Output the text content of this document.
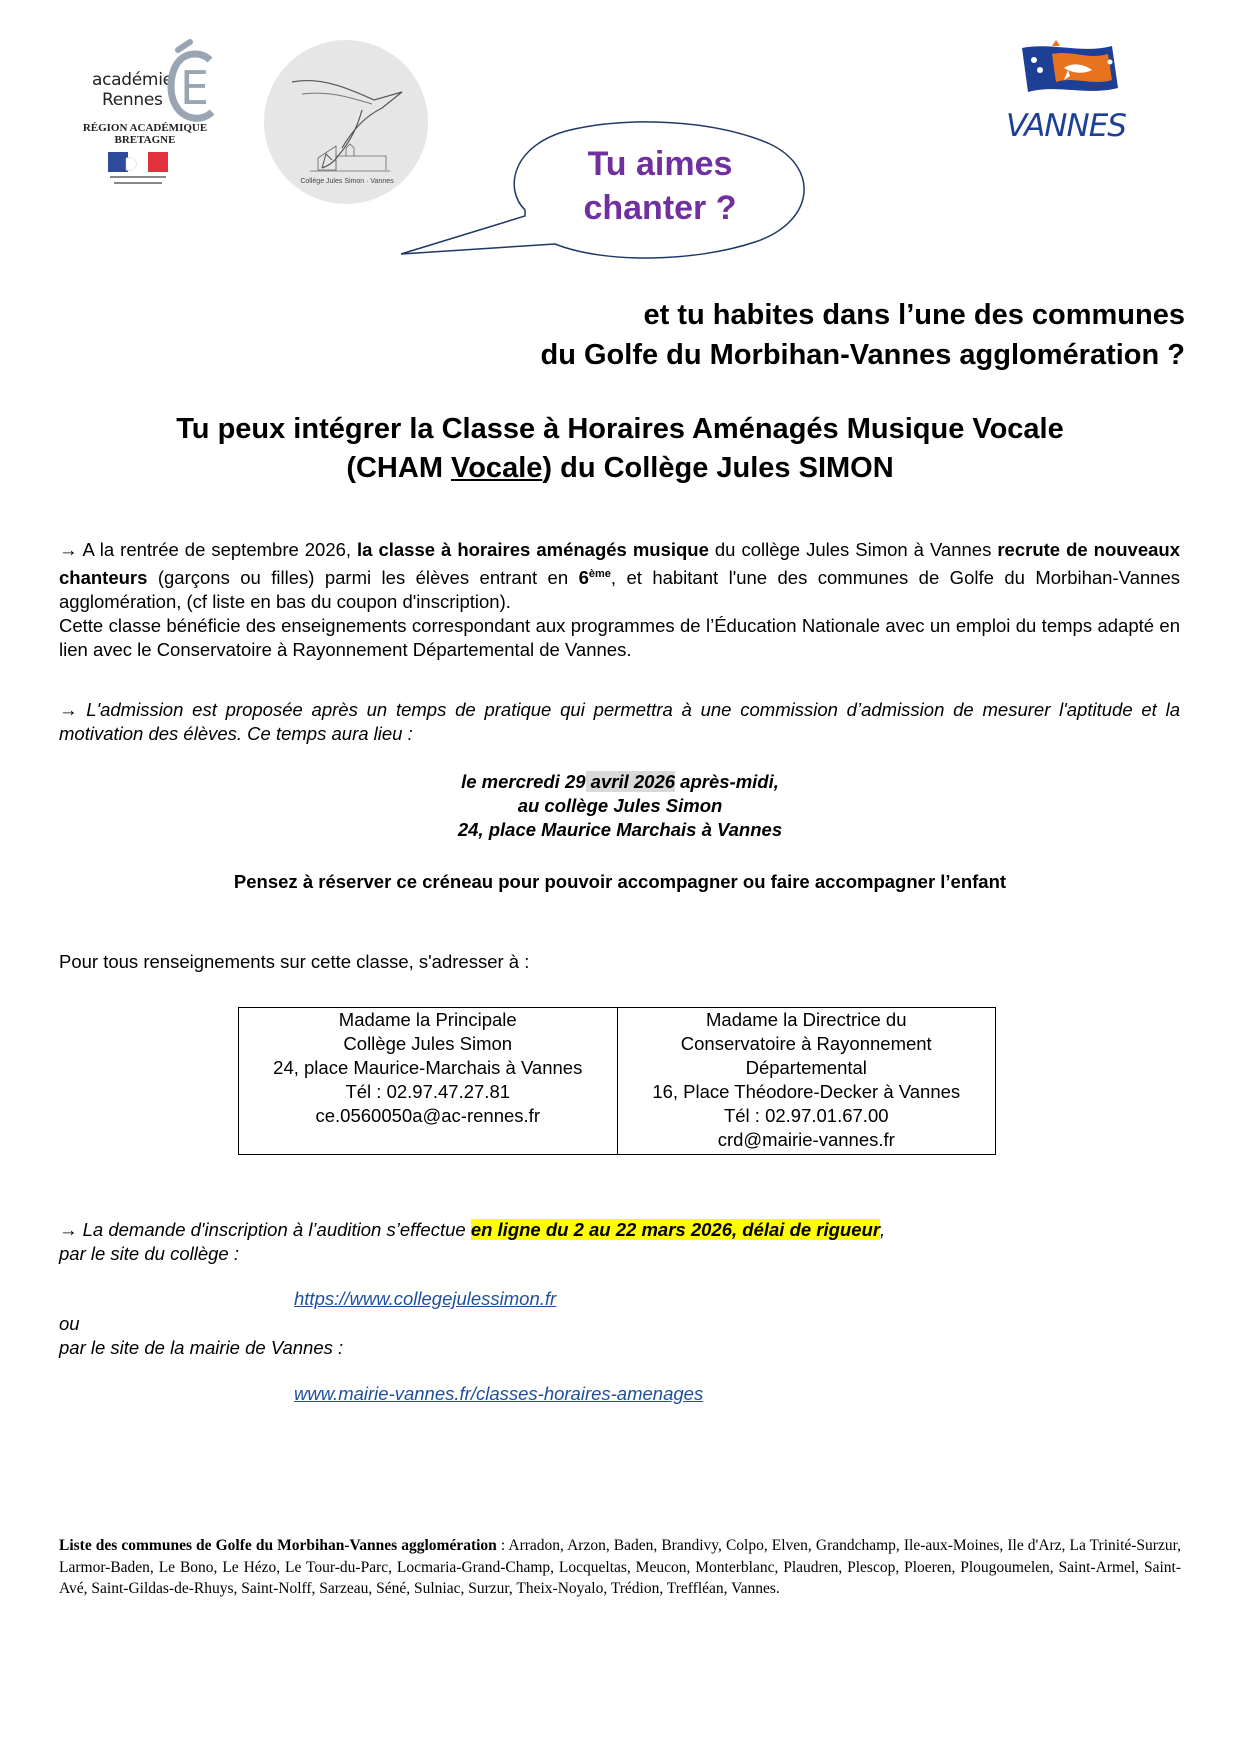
académie
Rennes E
RÉGION ACADÉMIQUE
BRETAGNE
Collège Jules Simon · Vannes
VANNES
Tu aimes
chanter ?
et tu habites dans l’une des communes
du Golfe du Morbihan-Vannes agglomération ?
Tu peux intégrer la Classe à Horaires Aménagés Musique Vocale
(CHAM Vocale) du Collège Jules SIMON
→ A la rentrée de septembre 2026, la classe à horaires aménagés musique du collège Jules Simon à Vannes recrute de nouveaux chanteurs (garçons ou filles) parmi les élèves entrant en 6ème, et habitant l'une des communes de Golfe du Morbihan-Vannes agglomération, (cf liste en bas du coupon d'inscription).
Cette classe bénéficie des enseignements correspondant aux programmes de l’Éducation Nationale avec un emploi du temps adapté en lien avec le Conservatoire à Rayonnement Départemental de Vannes.
→ L'admission est proposée après un temps de pratique qui permettra à une commission d’admission de mesurer l'aptitude et la motivation des élèves. Ce temps aura lieu :
le mercredi 29 avril 2026 après-midi,
au collège Jules Simon
24, place Maurice Marchais à Vannes
Pensez à réserver ce créneau pour pouvoir accompagner ou faire accompagner l’enfant
Pour tous renseignements sur cette classe, s'adresser à :
Madame la Principale
Collège Jules Simon
24, place Maurice-Marchais à Vannes
Tél : 02.97.47.27.81
ce.0560050a@ac-rennes.fr

Madame la Directrice du
Conservatoire à Rayonnement
Départemental
16, Place Théodore-Decker à Vannes
Tél : 02.97.01.67.00
crd@mairie-vannes.fr
→ La demande d'inscription à l’audition s’effectue en ligne du 2 au 22 mars 2026, délai de rigueur,
par le site du collège :
https://www.collegejulessimon.fr
ou
par le site de la mairie de Vannes :
www.mairie-vannes.fr/classes-horaires-amenages
Liste des communes de Golfe du Morbihan-Vannes agglomération : Arradon, Arzon, Baden, Brandivy, Colpo, Elven, Grandchamp, Ile-aux-Moines, Ile d'Arz, La Trinité-Surzur, Larmor-Baden, Le Bono, Le Hézo, Le Tour-du-Parc, Locmaria-Grand-Champ, Locqueltas, Meucon, Monterblanc, Plaudren, Plescop, Ploeren, Plougoumelen, Saint-Armel, Saint-Avé, Saint-Gildas-de-Rhuys, Saint-Nolff, Sarzeau, Séné, Sulniac, Surzur, Theix-Noyalo, Trédion, Treffléan, Vannes.
